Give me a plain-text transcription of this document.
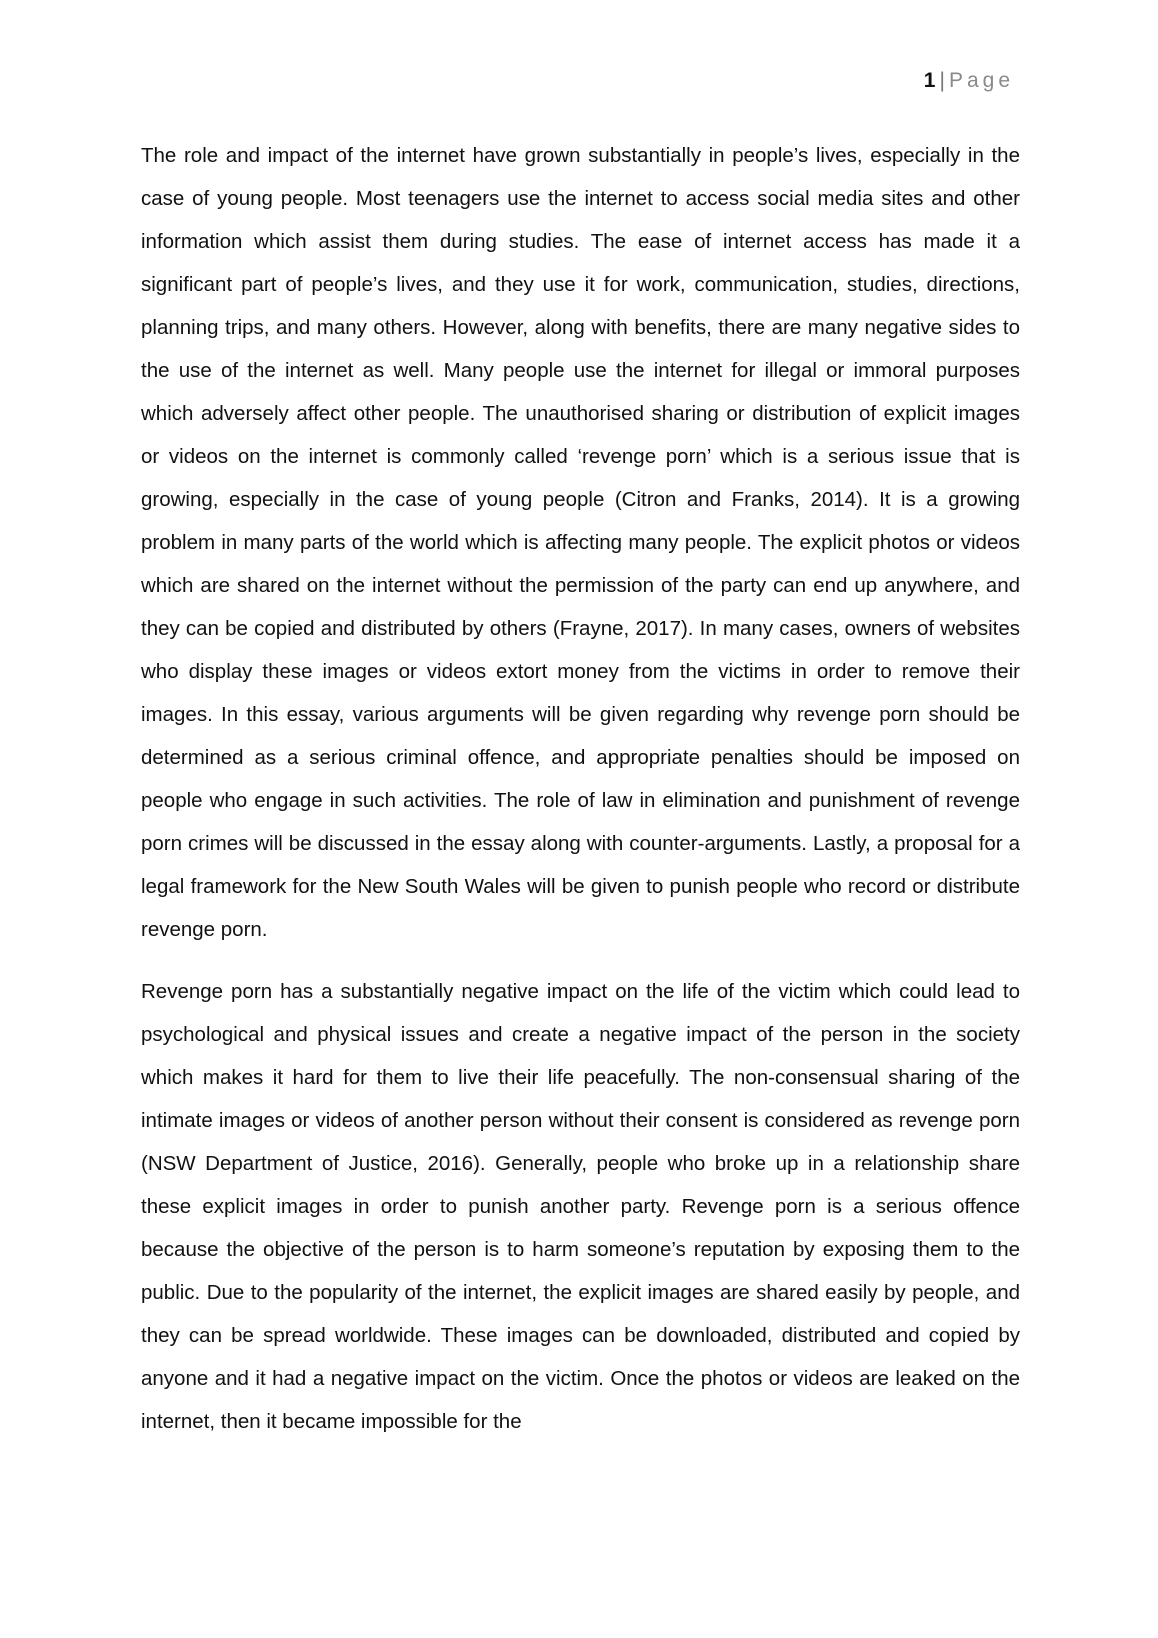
1 | Page

The role and impact of the internet have grown substantially in people’s lives, especially in the case of young people. Most teenagers use the internet to access social media sites and other information which assist them during studies. The ease of internet access has made it a significant part of people’s lives, and they use it for work, communication, studies, directions, planning trips, and many others. However, along with benefits, there are many negative sides to the use of the internet as well. Many people use the internet for illegal or immoral purposes which adversely affect other people. The unauthorised sharing or distribution of explicit images or videos on the internet is commonly called ‘revenge porn’ which is a serious issue that is growing, especially in the case of young people (Citron and Franks, 2014). It is a growing problem in many parts of the world which is affecting many people. The explicit photos or videos which are shared on the internet without the permission of the party can end up anywhere, and they can be copied and distributed by others (Frayne, 2017). In many cases, owners of websites who display these images or videos extort money from the victims in order to remove their images. In this essay, various arguments will be given regarding why revenge porn should be determined as a serious criminal offence, and appropriate penalties should be imposed on people who engage in such activities. The role of law in elimination and punishment of revenge porn crimes will be discussed in the essay along with counter-arguments. Lastly, a proposal for a legal framework for the New South Wales will be given to punish people who record or distribute revenge porn.

Revenge porn has a substantially negative impact on the life of the victim which could lead to psychological and physical issues and create a negative impact of the person in the society which makes it hard for them to live their life peacefully. The non-consensual sharing of the intimate images or videos of another person without their consent is considered as revenge porn (NSW Department of Justice, 2016). Generally, people who broke up in a relationship share these explicit images in order to punish another party. Revenge porn is a serious offence because the objective of the person is to harm someone’s reputation by exposing them to the public. Due to the popularity of the internet, the explicit images are shared easily by people, and they can be spread worldwide. These images can be downloaded, distributed and copied by anyone and it had a negative impact on the victim. Once the photos or videos are leaked on the internet, then it became impossible for the
